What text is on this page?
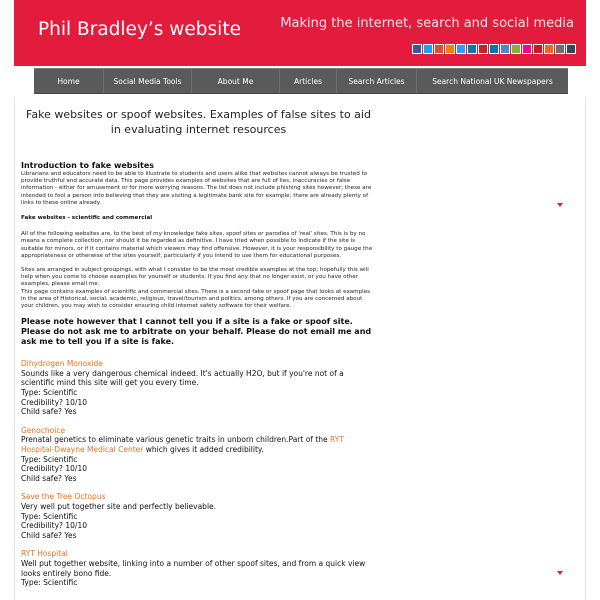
Phil Bradley’s website	Making the internet, search and social media
Home	Social Media Tools	About Me	Articles	Search Articles	Search National UK Newspapers
Fake websites or spoof websites. Examples of false sites to aid in evaluating internet resources
Introduction to fake websites
Librarians and educators need to be able to illustrate to students and users alike that websites cannot always be trusted to provide truthful and accurate data. This page provides examples of websites that are full of lies, inaccuracies or false information - either for amusement or for more worrying reasons. The list does not include phishing sites however; these are intended to fool a person into believing that they are visiting a legitimate bank site for example; there are already plenty of links to these online already.
Fake websites - scientific and commercial
All of the following websites are, to the best of my knowledge fake sites, spoof sites or parodies of 'real' sites. This is by no means a complete collection, nor should it be regarded as definitive. I have tried when possible to indicate if the site is suitable for minors, or if it contains material which viewers may find offensive. However, it is your responsibility to gauge the appropriateness or otherwise of the sites yourself, particularly if you intend to use them for educational purposes.
Sites are arranged in subject groupings, with what I consider to be the most credible examples at the top; hopefully this will help when you come to choose examples for yourself or students. If you find any that no longer exist, or you have other examples, please email me.
This page contains examples of scientific and commercial sites. There is a second fake or spoof page that looks at examples in the area of Historical, social, academic, religious, travel/tourism and politics, among others. If you are concerned about your children, you may wish to consider ensuring child internet safety software for their welfare.
Please note however that I cannot tell you if a site is a fake or spoof site. Please do not ask me to arbitrate on your behalf. Please do not email me and ask me to tell you if a site is fake.
Dihydrogen Monoxide
Sounds like a very dangerous chemical indeed. It's actually H2O, but if you're not of a scientific mind this site will get you every time.
Type: Scientific
Credibility? 10/10
Child safe? Yes
Genochoice
Prenatal genetics to eliminate various genetic traits in unborn children.Part of the RYT Hospital-Dwayne Medical Center which gives it added credibility.
Type: Scientific
Credibility? 10/10
Child safe? Yes
Save the Tree Octopus
Very well put together site and perfectly believable.
Type: Scientific
Credibility? 10/10
Child safe? Yes
RYT Hospital
Well put together website, linking into a number of other spoof sites, and from a quick view looks entirely bono fide.
Type: Scientific
